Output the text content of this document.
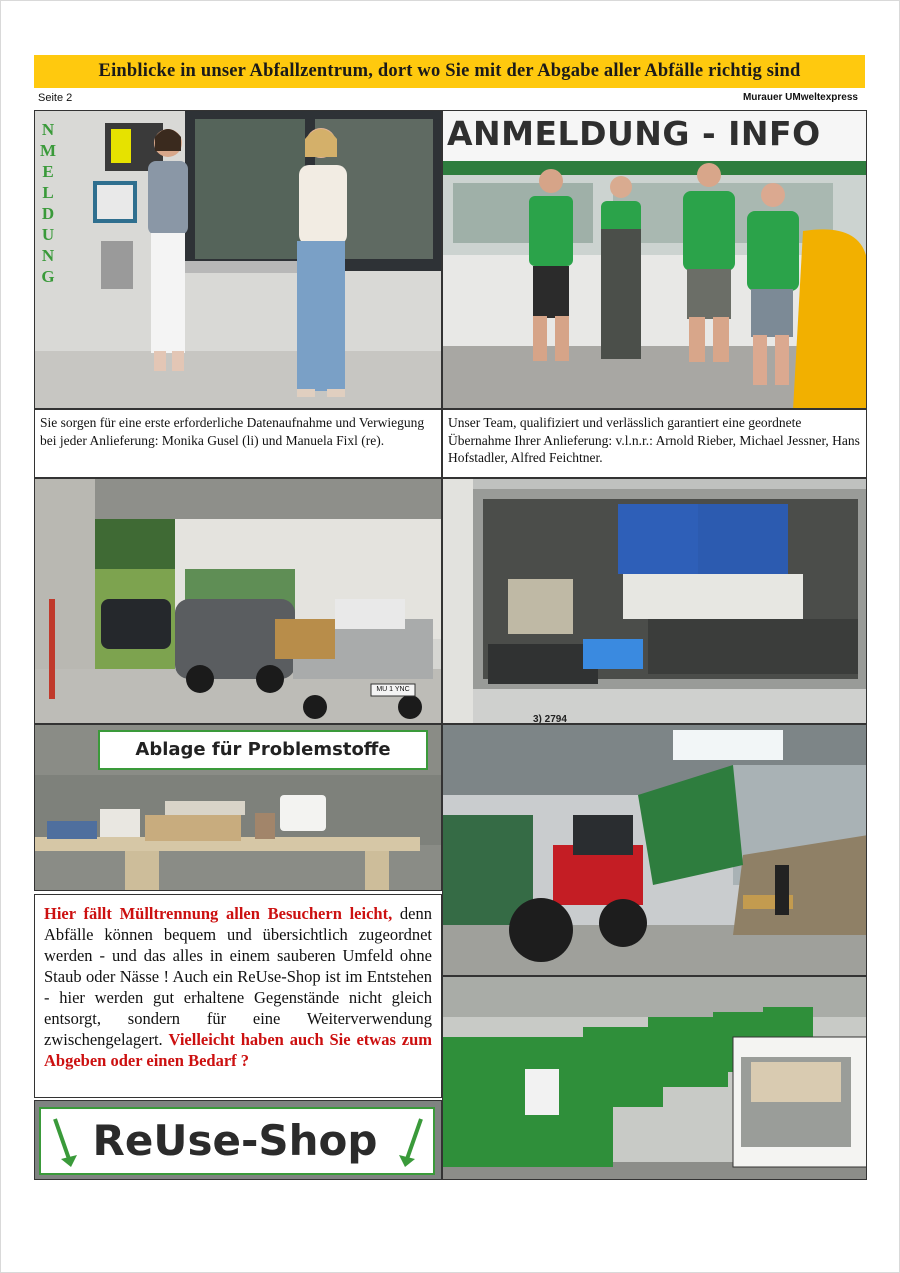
Einblicke in unser Abfallzentrum, dort wo Sie mit der Abgabe aller Abfälle richtig sind
Seite 2	Murauer UMweltexpress
N
M
E
L
D
U
N
G
ANMELDUNG - INFO
Sie sorgen für eine erste erforderliche Datenaufnahme und Verwiegung bei jeder Anlieferung: Monika Gusel (li) und Manuela Fixl (re).
Unser Team, qualifiziert und verlässlich garantiert eine geordnete Übernahme Ihrer Anlieferung: v.l.n.r.: Arnold Rieber, Michael Jessner, Hans Hofstadler, Alfred Feichtner.
MU 1 YNC
3) 2794
Ablage für Problemstoffe
Hier fällt Mülltrennung allen Besuchern leicht, denn Abfälle können bequem und übersichtlich zugeordnet werden - und das alles in einem sauberen Umfeld ohne Staub oder Nässe ! Auch ein ReUse-Shop ist im Entstehen - hier werden gut erhaltene Gegenstände nicht gleich entsorgt, sondern für eine Weiterverwendung zwischengelagert. Vielleicht haben auch Sie etwas zum Abgeben oder einen Bedarf ?
ReUse-Shop
